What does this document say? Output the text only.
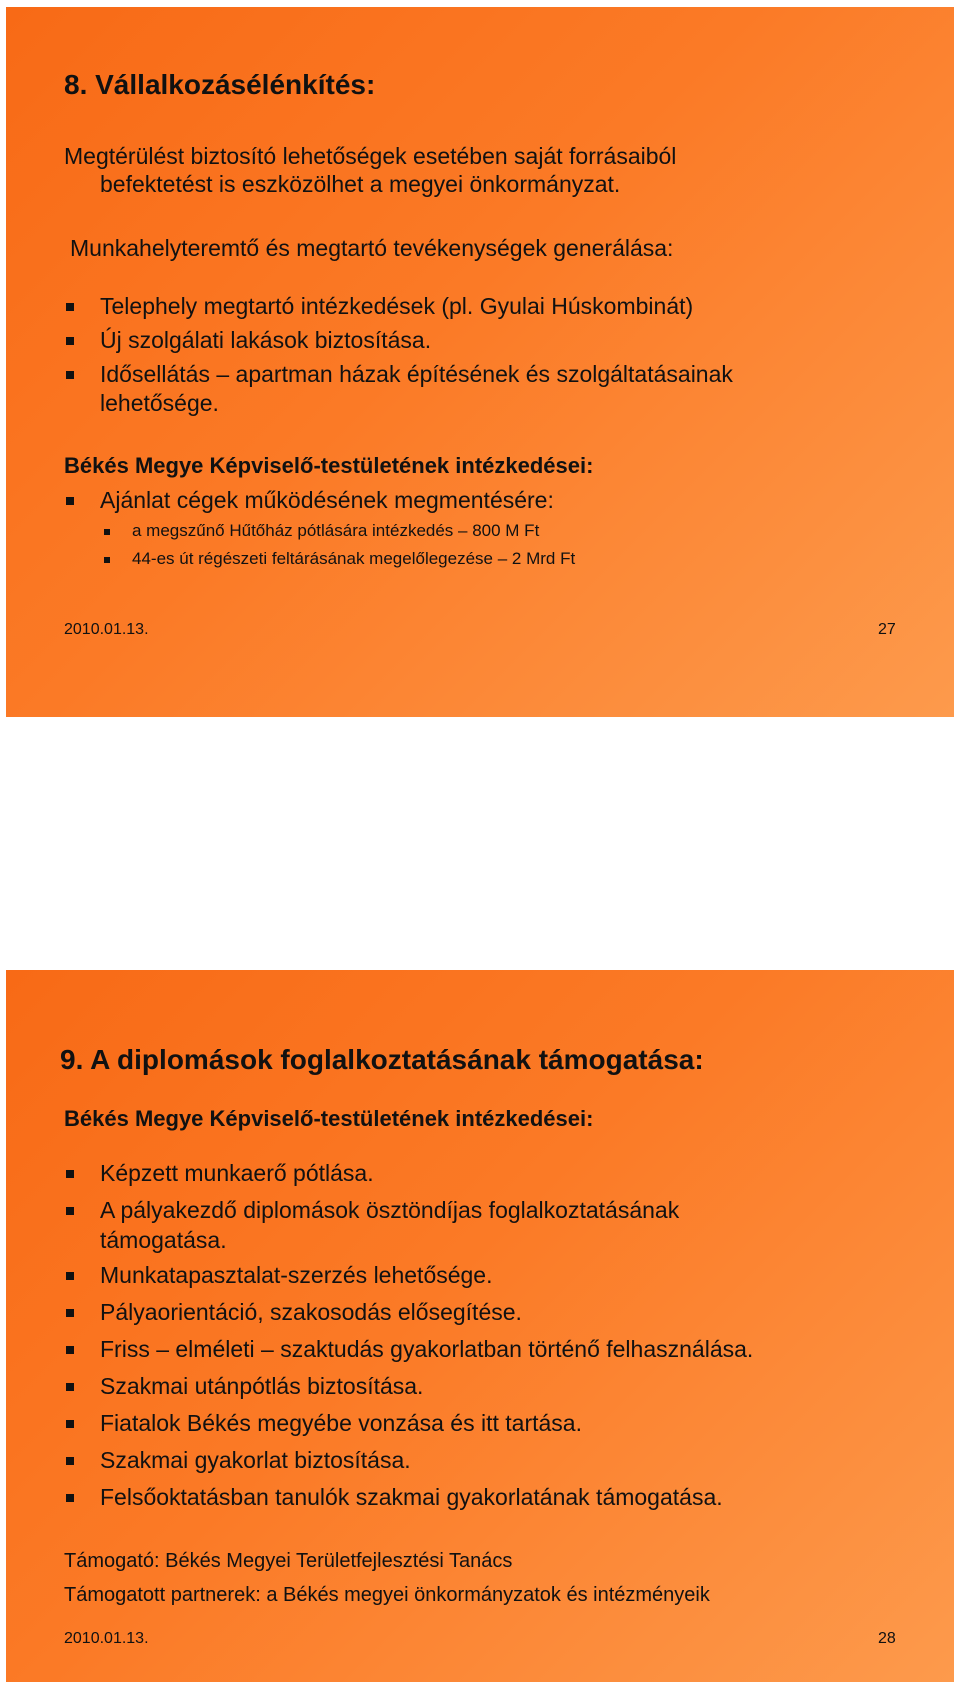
8. Vállalkozásélénkítés:
Megtérülést biztosító lehetőségek esetében saját forrásaiból
befektetést is eszközölhet a megyei önkormányzat.
Munkahelyteremtő és megtartó tevékenységek generálása:
Telephely megtartó intézkedések (pl. Gyulai Húskombinát)
Új szolgálati lakások biztosítása.
Idősellátás – apartman házak építésének és szolgáltatásainak
lehetősége.
Békés Megye Képviselő-testületének intézkedései:
Ajánlat cégek működésének megmentésére:
a megszűnő Hűtőház pótlására intézkedés – 800 M Ft
44-es út régészeti feltárásának megelőlegezése – 2 Mrd Ft
2010.01.13.	27
9. A diplomások foglalkoztatásának támogatása:
Békés Megye Képviselő-testületének intézkedései:
Képzett munkaerő pótlása.
A pályakezdő diplomások ösztöndíjas foglalkoztatásának
támogatása.
Munkatapasztalat-szerzés lehetősége.
Pályaorientáció, szakosodás elősegítése.
Friss – elméleti – szaktudás gyakorlatban történő felhasználása.
Szakmai utánpótlás biztosítása.
Fiatalok Békés megyébe vonzása és itt tartása.
Szakmai gyakorlat biztosítása.
Felsőoktatásban tanulók szakmai gyakorlatának támogatása.
Támogató: Békés Megyei Területfejlesztési Tanács
Támogatott partnerek: a Békés megyei önkormányzatok és intézményeik
2010.01.13.	28
